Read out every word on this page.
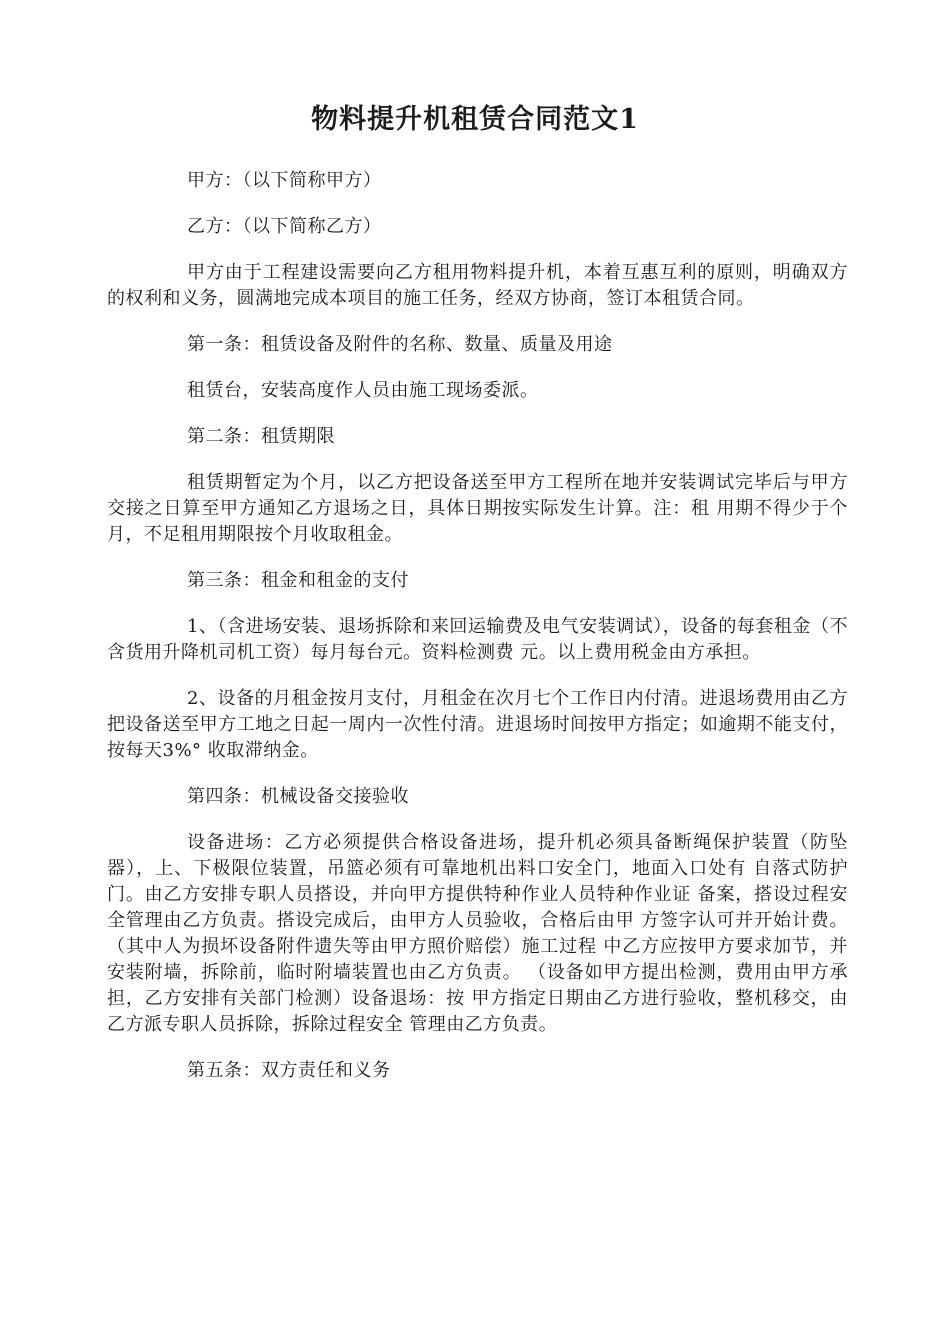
物料提升机租赁合同范文1

甲方：（以下简称甲方）

乙方：（以下简称乙方）

甲方由于工程建设需要向乙方租用物料提升机，本着互惠互利的原则，明确双方的权利和义务，圆满地完成本项目的施工任务，经双方协商，签订本租赁合同。

第一条：租赁设备及附件的名称、数量、质量及用途

租赁台，安装高度作人员由施工现场委派。

第二条：租赁期限

租赁期暂定为个月，以乙方把设备送至甲方工程所在地并安装调试完毕后与甲方交接之日算至甲方通知乙方退场之日，具体日期按实际发生计算。注：租 用期不得少于个月，不足租用期限按个月收取租金。

第三条：租金和租金的支付

1、（含进场安装、退场拆除和来回运输费及电气安装调试），设备的每套租金（不含货用升降机司机工资）每月每台元。资料检测费 元。以上费用税金由方承担。

2、设备的月租金按月支付，月租金在次月七个工作日内付清。进退场费用由乙方把设备送至甲方工地之日起一周内一次性付清。进退场时间按甲方指定；如逾期不能支付，按每天3%° 收取滞纳金。

第四条：机械设备交接验收

设备进场：乙方必须提供合格设备进场，提升机必须具备断绳保护装置（防坠器），上、下极限位装置，吊篮必须有可靠地机出料口安全门，地面入口处有 自落式防护门。由乙方安排专职人员搭设，并向甲方提供特种作业人员特种作业证 备案，搭设过程安全管理由乙方负责。搭设完成后，由甲方人员验收，合格后由甲 方签字认可并开始计费。（其中人为损坏设备附件遗失等由甲方照价赔偿）施工过程 中乙方应按甲方要求加节，并安装附墙，拆除前，临时附墙装置也由乙方负责。 （设备如甲方提出检测，费用由甲方承担，乙方安排有关部门检测）设备退场：按 甲方指定日期由乙方进行验收，整机移交，由乙方派专职人员拆除，拆除过程安全 管理由乙方负责。

第五条：双方责任和义务
